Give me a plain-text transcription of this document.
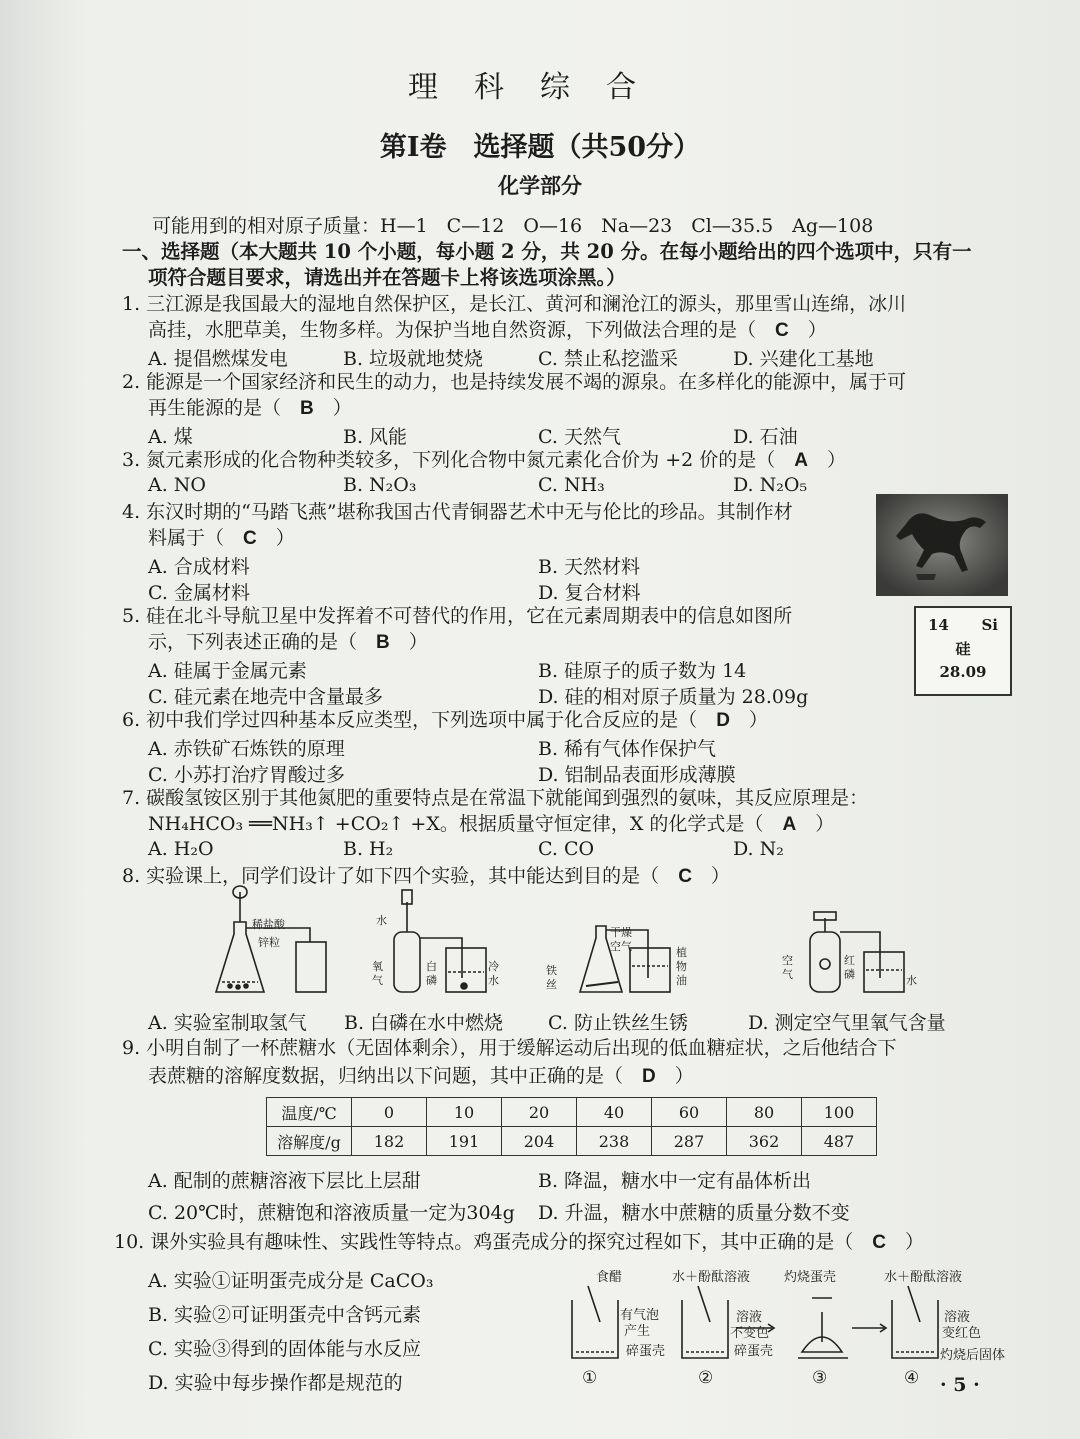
理科综合
第Ⅰ卷　选择题（共50分）
化学部分
可能用到的相对原子质量：H—1　C—12　O—16　Na—23　Cl—35.5　Ag—108
一、选择题（本大题共 10 个小题，每小题 2 分，共 20 分。在每小题给出的四个选项中，只有一
项符合题目要求，请选出并在答题卡上将该选项涂黑。）
1. 三江源是我国最大的湿地自然保护区，是长江、黄河和澜沧江的源头，那里雪山连绵，冰川
高挂，水肥草美，生物多样。为保护当地自然资源，下列做法合理的是（　 C　）
A. 提倡燃煤发电	B. 垃圾就地焚烧	C. 禁止私挖滥采	D. 兴建化工基地
2. 能源是一个国家经济和民生的动力，也是持续发展不竭的源泉。在多样化的能源中，属于可
再生能源的是（　 B　）
A. 煤	B. 风能	C. 天然气	D. 石油
3. 氮元素形成的化合物种类较多，下列化合物中氮元素化合价为 +2 价的是（　 A　）
A. NO	B. N₂O₃	C. NH₃	D. N₂O₅
4. 东汉时期的“马踏飞燕”堪称我国古代青铜器艺术中无与伦比的珍品。其制作材
料属于（　 C　）
A. 合成材料	B. 天然材料
C. 金属材料	D. 复合材料
5. 硅在北斗导航卫星中发挥着不可替代的作用，它在元素周期表中的信息如图所
示，下列表述正确的是（　 B　）
A. 硅属于金属元素	B. 硅原子的质子数为 14
C. 硅元素在地壳中含量最多	D. 硅的相对原子质量为 28.09g
14 Si
硅
28.09
6. 初中我们学过四种基本反应类型，下列选项中属于化合反应的是（　 D　）
A. 赤铁矿石炼铁的原理	B. 稀有气体作保护气
C. 小苏打治疗胃酸过多	D. 铝制品表面形成薄膜
7. 碳酸氢铵区别于其他氮肥的重要特点是在常温下就能闻到强烈的氨味，其反应原理是：
NH₄HCO₃ ══NH₃↑ +CO₂↑ +X。根据质量守恒定律，X 的化学式是（　 A　）
A. H₂O	B. H₂	C. CO	D. N₂
8. 实验课上，同学们设计了如下四个实验，其中能达到目的是（　 C　）
稀盐酸
锌粒
水
氧
气
白
磷
冷
水
干燥
空气
铁
丝
植
物
油
空
气
红
磷	水
A. 实验室制取氢气 B. 白磷在水中燃烧 C. 防止铁丝生锈	D. 测定空气里氧气含量
9. 小明自制了一杯蔗糖水（无固体剩余），用于缓解运动后出现的低血糖症状，之后他结合下
表蔗糖的溶解度数据，归纳出以下问题，其中正确的是（　 D　）
温度/℃	0	10	20	40	60	80	100
溶解度/g	182	191	204	238	287	362	487
A. 配制的蔗糖溶液下层比上层甜	B. 降温，糖水中一定有晶体析出
C. 20℃时，蔗糖饱和溶液质量一定为304g D. 升温，糖水中蔗糖的质量分数不变
10. 课外实验具有趣味性、实践性等特点。鸡蛋壳成分的探究过程如下，其中正确的是（　 C　）
A. 实验①证明蛋壳成分是 CaCO₃
B. 实验②可证明蛋壳中含钙元素
C. 实验③得到的固体能与水反应
D. 实验中每步操作都是规范的
食醋	水＋酚酞溶液	灼烧蛋壳	水＋酚酞溶液
有气泡
产生
碎蛋壳
溶液
不变色
碎蛋壳
溶液
变红色
灼烧后固体
①	②	③	④ · 5 ·
